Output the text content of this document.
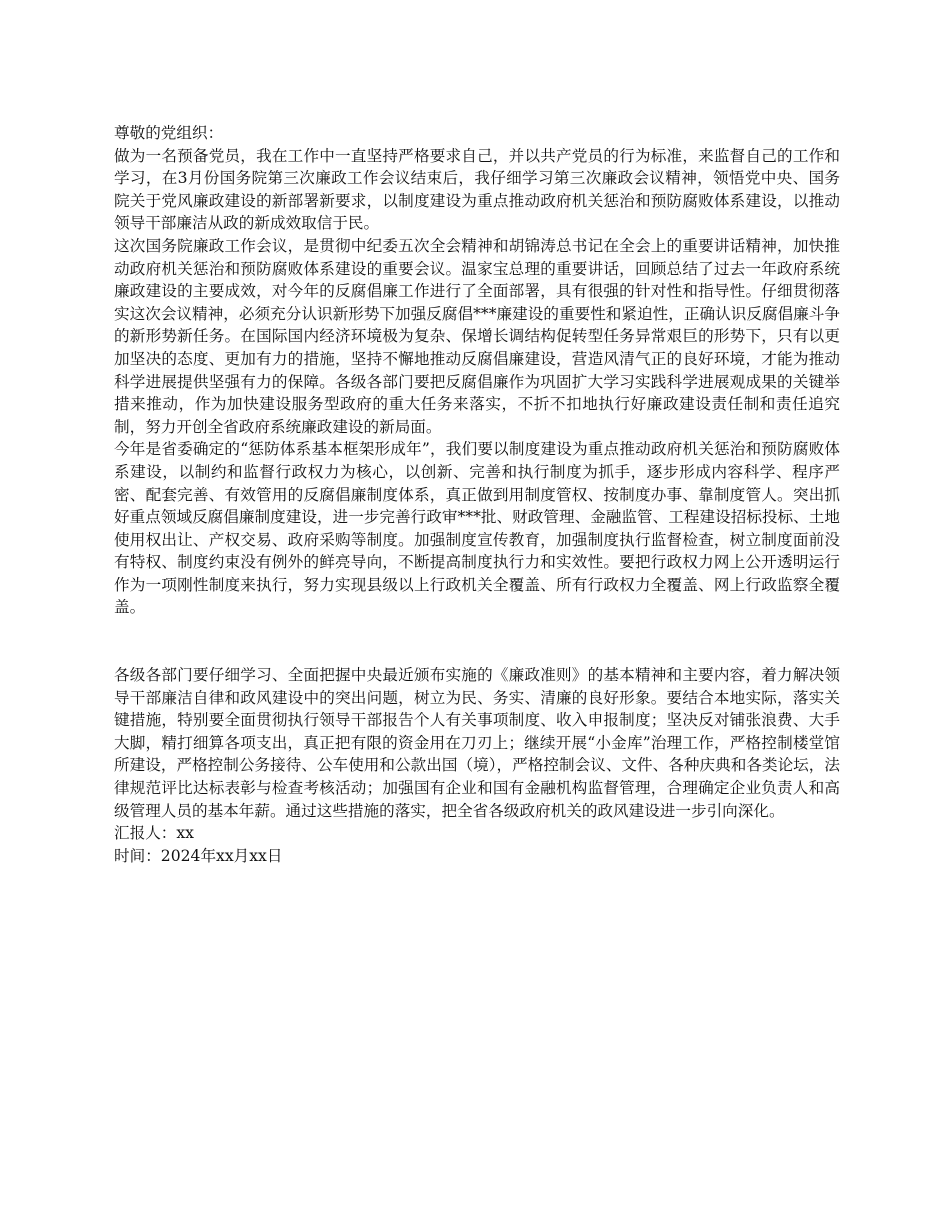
尊敬的党组织：

做为一名预备党员，我在工作中一直坚持严格要求自己，并以共产党员的行为标准，来监督自己的工作和学习，在3月份国务院第三次廉政工作会议结束后，我仔细学习第三次廉政会议精神，领悟党中央、国务院关于党风廉政建设的新部署新要求，以制度建设为重点推动政府机关惩治和预防腐败体系建设，以推动领导干部廉洁从政的新成效取信于民。

这次国务院廉政工作会议，是贯彻中纪委五次全会精神和胡锦涛总书记在全会上的重要讲话精神，加快推动政府机关惩治和预防腐败体系建设的重要会议。温家宝总理的重要讲话，回顾总结了过去一年政府系统廉政建设的主要成效，对今年的反腐倡廉工作进行了全面部署，具有很强的针对性和指导性。仔细贯彻落实这次会议精神，必须充分认识新形势下加强反腐倡***廉建设的重要性和紧迫性，正确认识反腐倡廉斗争的新形势新任务。在国际国内经济环境极为复杂、保增长调结构促转型任务异常艰巨的形势下，只有以更加坚决的态度、更加有力的措施，坚持不懈地推动反腐倡廉建设，营造风清气正的良好环境，才能为推动科学进展提供坚强有力的保障。各级各部门要把反腐倡廉作为巩固扩大学习实践科学进展观成果的关键举措来推动，作为加快建设服务型政府的重大任务来落实，不折不扣地执行好廉政建设责任制和责任追究制，努力开创全省政府系统廉政建设的新局面。

今年是省委确定的“惩防体系基本框架形成年”，我们要以制度建设为重点推动政府机关惩治和预防腐败体系建设，以制约和监督行政权力为核心，以创新、完善和执行制度为抓手，逐步形成内容科学、程序严密、配套完善、有效管用的反腐倡廉制度体系，真正做到用制度管权、按制度办事、靠制度管人。突出抓好重点领域反腐倡廉制度建设，进一步完善行政审***批、财政管理、金融监管、工程建设招标投标、土地使用权出让、产权交易、政府采购等制度。加强制度宣传教育，加强制度执行监督检查，树立制度面前没有特权、制度约束没有例外的鲜亮导向，不断提高制度执行力和实效性。要把行政权力网上公开透明运行作为一项刚性制度来执行，努力实现县级以上行政机关全覆盖、所有行政权力全覆盖、网上行政监察全覆盖。

各级各部门要仔细学习、全面把握中央最近颁布实施的《廉政准则》的基本精神和主要内容，着力解决领导干部廉洁自律和政风建设中的突出问题，树立为民、务实、清廉的良好形象。要结合本地实际，落实关键措施，特别要全面贯彻执行领导干部报告个人有关事项制度、收入申报制度；坚决反对铺张浪费、大手大脚，精打细算各项支出，真正把有限的资金用在刀刃上；继续开展“小金库”治理工作，严格控制楼堂馆所建设，严格控制公务接待、公车使用和公款出国（境），严格控制会议、文件、各种庆典和各类论坛，法律规范评比达标表彰与检查考核活动；加强国有企业和国有金融机构监督管理，合理确定企业负责人和高级管理人员的基本年薪。通过这些措施的落实，把全省各级政府机关的政风建设进一步引向深化。

汇报人：xx

时间：2024年xx月xx日
